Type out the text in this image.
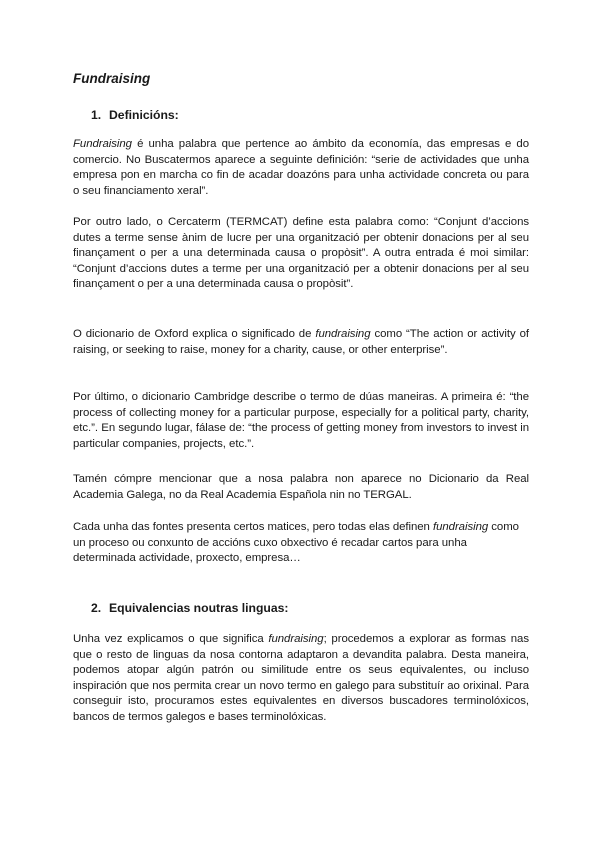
Fundraising
1. Definicións:

Fundraising é unha palabra que pertence ao ámbito da economía, das empresas e do comercio. No Buscatermos aparece a seguinte definición: “serie de actividades que unha empresa pon en marcha co fin de acadar doazóns para unha actividade concreta ou para o seu financiamento xeral”.

Por outro lado, o Cercaterm (TERMCAT) define esta palabra como: “Conjunt d’accions dutes a terme sense ànim de lucre per una organització per obtenir donacions per al seu finançament o per a una determinada causa o propòsit”. A outra entrada é moi similar: “Conjunt d’accions dutes a terme per una organització per a obtenir donacions per al seu finançament o per a una determinada causa o propòsit”.

O dicionario de Oxford explica o significado de fundraising como “The action or activity of raising, or seeking to raise, money for a charity, cause, or other enterprise”.

Por último, o dicionario Cambridge describe o termo de dúas maneiras. A primeira é: “the process of collecting money for a particular purpose, especially for a political party, charity, etc.”. En segundo lugar, fálase de: “the process of getting money from investors to invest in particular companies, projects, etc.”.

Tamén cómpre mencionar que a nosa palabra non aparece no Dicionario da Real Academia Galega, no da Real Academia Española nin no TERGAL.

Cada unha das fontes presenta certos matices, pero todas elas definen fundraising como un proceso ou conxunto de accións cuxo obxectivo é recadar cartos para unha determinada actividade, proxecto, empresa…

2. Equivalencias noutras linguas:

Unha vez explicamos o que significa fundraising; procedemos a explorar as formas nas que o resto de linguas da nosa contorna adaptaron a devandita palabra. Desta maneira, podemos atopar algún patrón ou similitude entre os seus equivalentes, ou incluso inspiración que nos permita crear un novo termo en galego para substituír ao orixinal. Para conseguir isto, procuramos estes equivalentes en diversos buscadores terminolóxicos, bancos de termos galegos e bases terminolóxicas.
